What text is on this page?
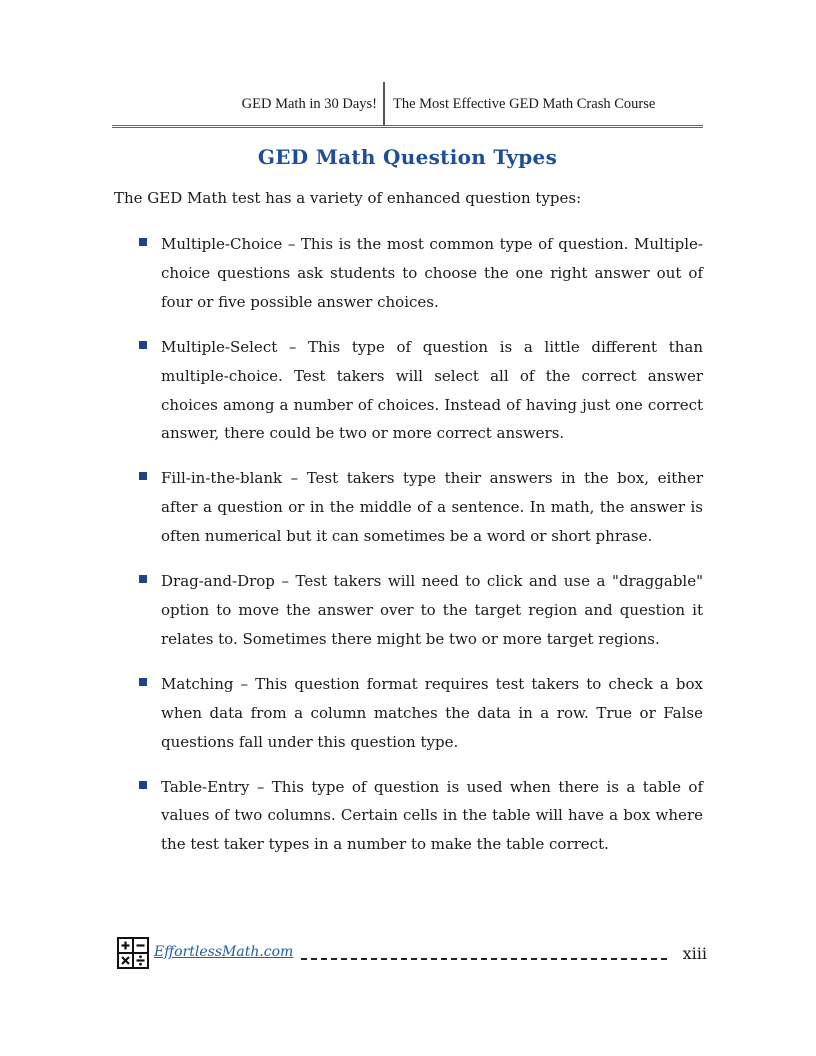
GED Math in 30 Days! The Most Effective GED Math Crash Course
GED Math Question Types
The GED Math test has a variety of enhanced question types:
Multiple-Choice – This is the most common type of question. Multiple-choice questions ask students to choose the one right answer out of four or five possible answer choices.
Multiple-Select – This type of question is a little different than multiple-choice. Test takers will select all of the correct answer choices among a number of choices. Instead of having just one correct answer, there could be two or more correct answers.
Fill-in-the-blank – Test takers type their answers in the box, either after a question or in the middle of a sentence. In math, the answer is often numerical but it can sometimes be a word or short phrase.
Drag-and-Drop – Test takers will need to click and use a "draggable" option to move the answer over to the target region and question it relates to. Sometimes there might be two or more target regions.
Matching – This question format requires test takers to check a box when data from a column matches the data in a row. True or False questions fall under this question type.
Table-Entry – This type of question is used when there is a table of values of two columns. Certain cells in the table will have a box where the test taker types in a number to make the table correct.
EffortlessMath.com	xiii
